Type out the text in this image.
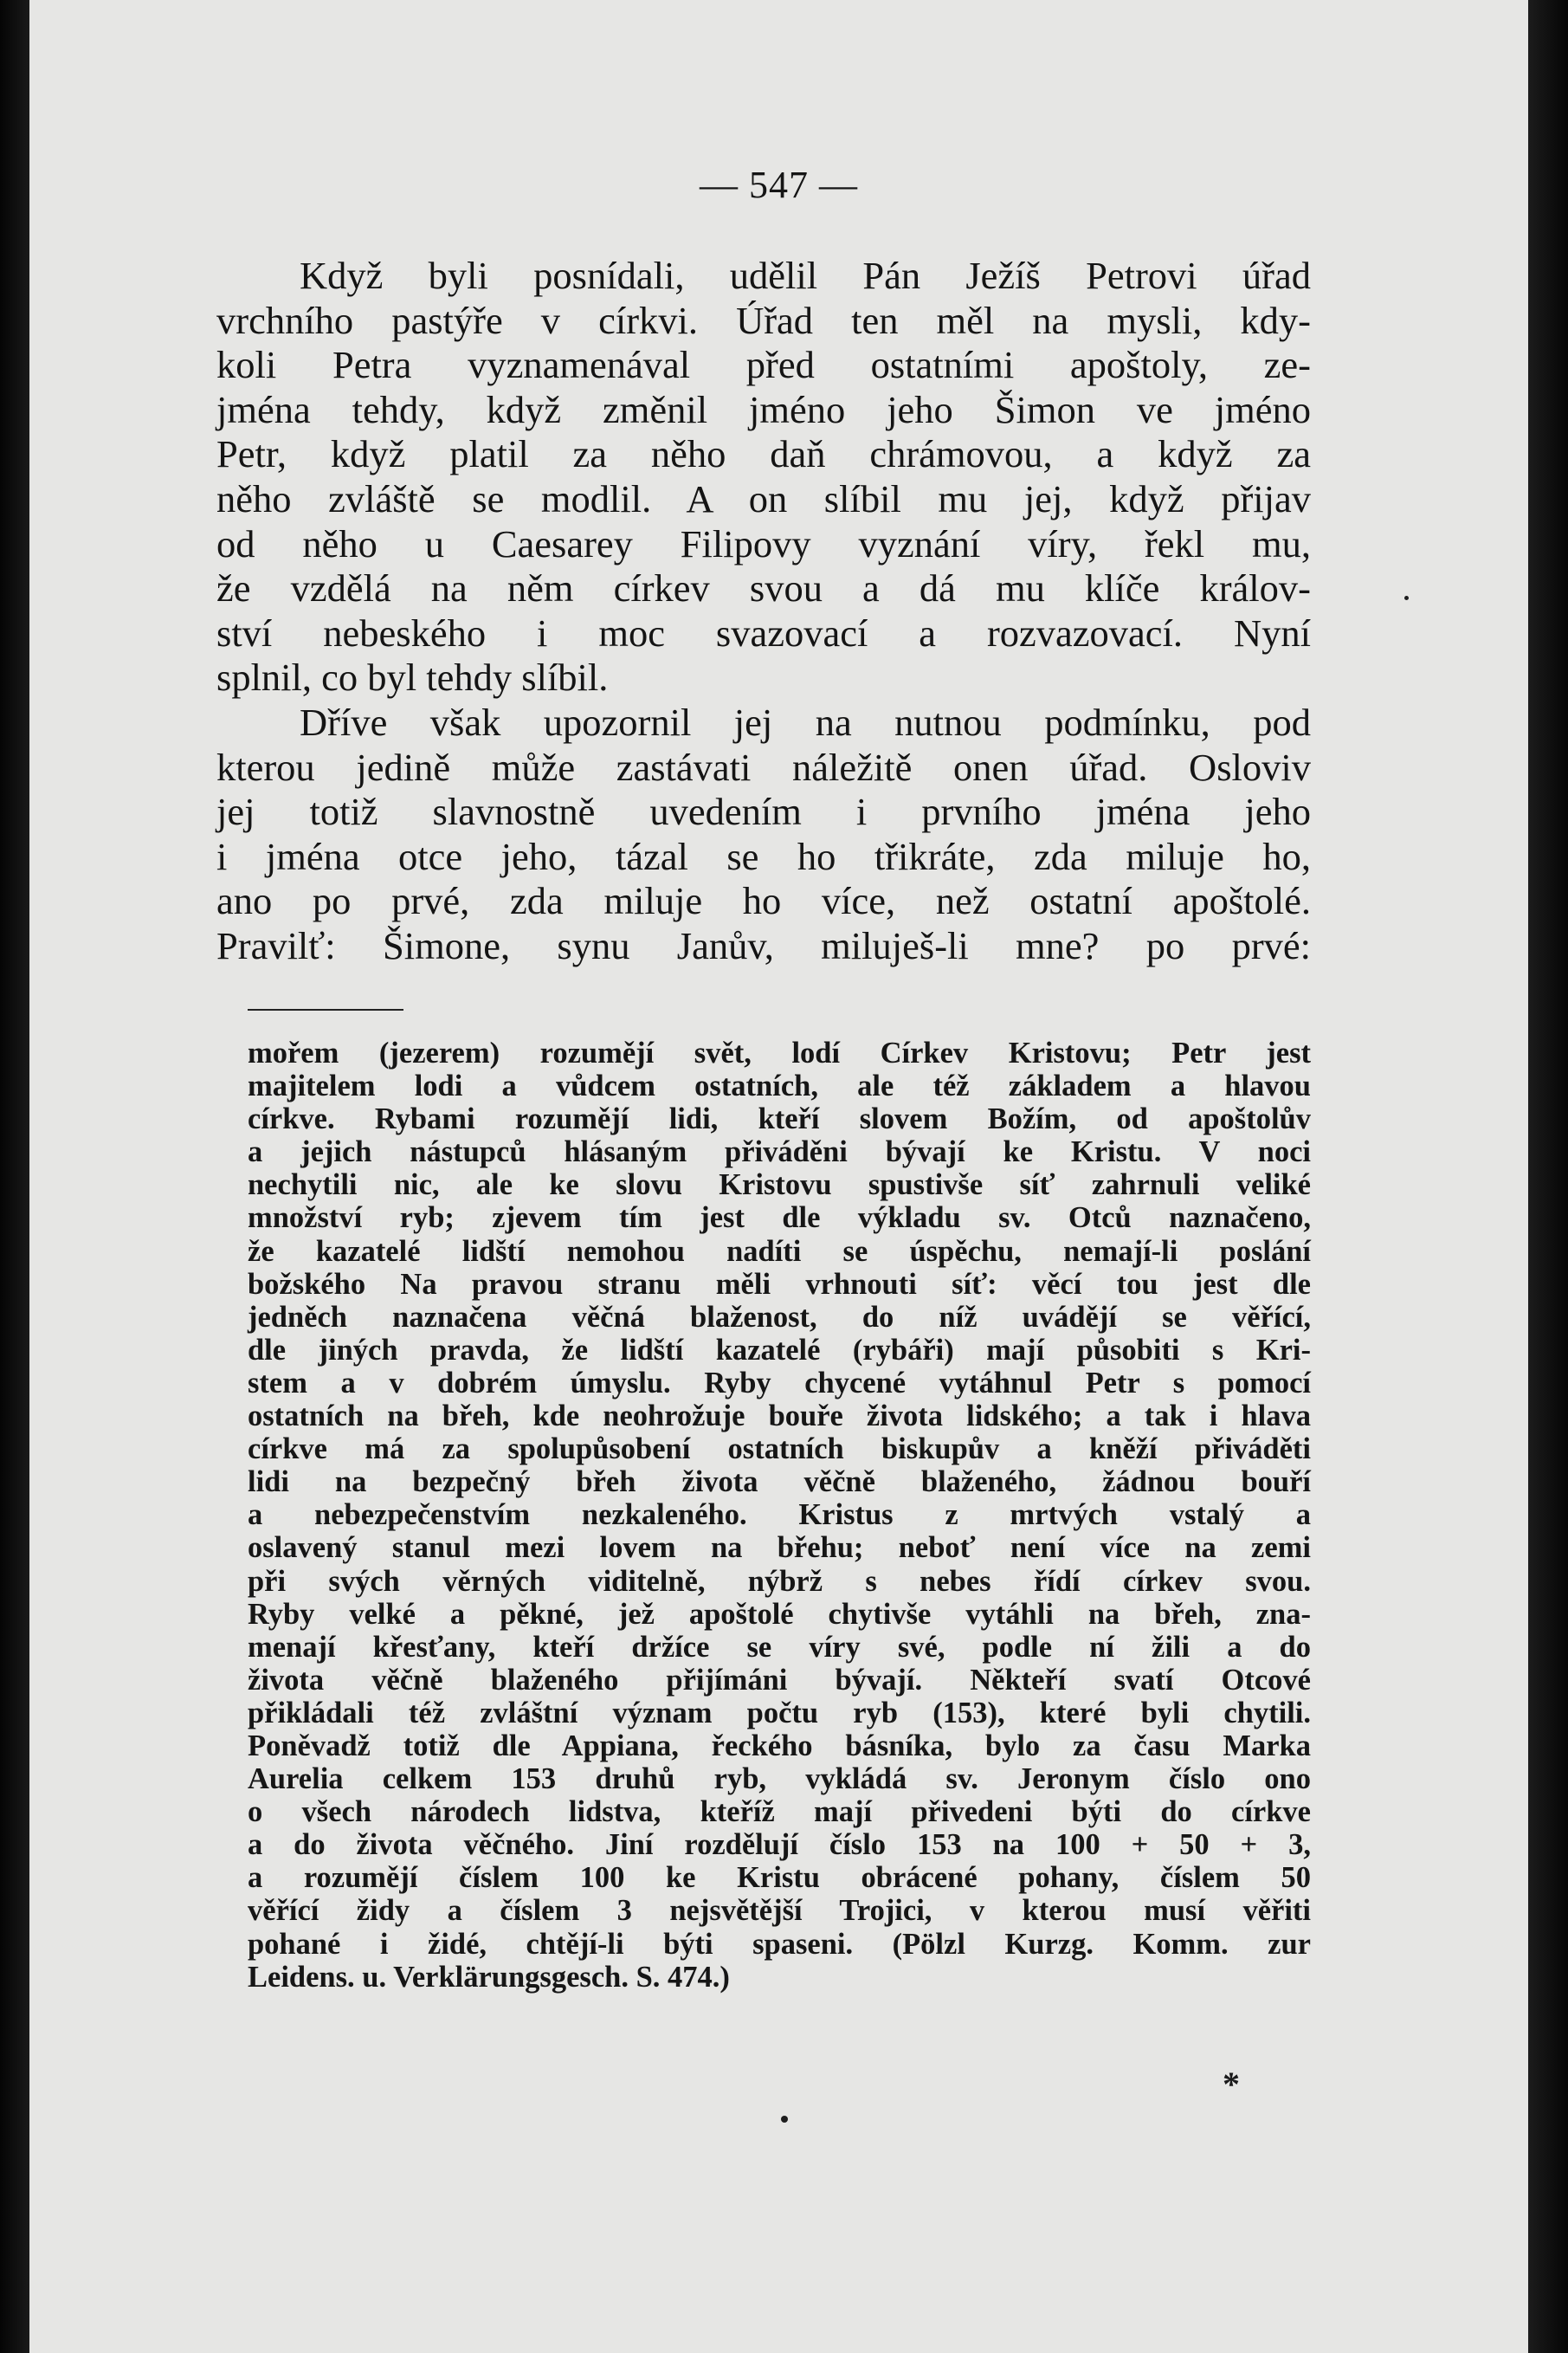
— 547 —
Když byli posnídali, udělil Pán Ježíš Petrovi úřad
vrchního pastýře v církvi. Úřad ten měl na mysli, kdy-
koli Petra vyznamenával před ostatními apoštoly, ze-
jména tehdy, když změnil jméno jeho Šimon ve jméno
Petr, když platil za něho daň chrámovou, a když za
něho zvláště se modlil. A on slíbil mu jej, když přijav
od něho u Caesarey Filipovy vyznání víry, řekl mu,
že vzdělá na něm církev svou a dá mu klíče králov-
ství nebeského i moc svazovací a rozvazovací. Nyní
splnil, co byl tehdy slíbil.
Dříve však upozornil jej na nutnou podmínku, pod
kterou jedině může zastávati náležitě onen úřad. Osloviv
jej totiž slavnostně uvedením i prvního jména jeho
i jména otce jeho, tázal se ho třikráte, zda miluje ho,
ano po prvé, zda miluje ho více, než ostatní apoštolé.
Pravilť: Šimone, synu Janův, miluješ-li mne? po prvé:
mořem (jezerem) rozumějí svět, lodí Církev Kristovu; Petr jest
majitelem lodi a vůdcem ostatních, ale též základem a hlavou
církve. Rybami rozumějí lidi, kteří slovem Božím, od apoštolův
a jejich nástupců hlásaným přiváděni bývají ke Kristu. V noci
nechytili nic, ale ke slovu Kristovu spustivše síť zahrnuli veliké
množství ryb; zjevem tím jest dle výkladu sv. Otců naznačeno,
že kazatelé lidští nemohou nadíti se úspěchu, nemají-li poslání
božského Na pravou stranu měli vrhnouti síť: věcí tou jest dle
jedněch naznačena věčná blaženost, do níž uvádějí se věřící,
dle jiných pravda, že lidští kazatelé (rybáři) mají působiti s Kri-
stem a v dobrém úmyslu. Ryby chycené vytáhnul Petr s pomocí
ostatních na břeh, kde neohrožuje bouře života lidského; a tak i hlava
církve má za spolupůsobení ostatních biskupův a kněží přiváděti
lidi na bezpečný břeh života věčně blaženého, žádnou bouří
a nebezpečenstvím nezkaleného. Kristus z mrtvých vstalý a
oslavený stanul mezi lovem na břehu; neboť není více na zemi
při svých věrných viditelně, nýbrž s nebes řídí církev svou.
Ryby velké a pěkné, jež apoštolé chytivše vytáhli na břeh, zna-
menají křesťany, kteří držíce se víry své, podle ní žili a do
života věčně blaženého přijímáni bývají. Někteří svatí Otcové
přikládali též zvláštní význam počtu ryb (153), které byli chytili.
Poněvadž totiž dle Appiana, řeckého básníka, bylo za času Marka
Aurelia celkem 153 druhů ryb, vykládá sv. Jeronym číslo ono
o všech národech lidstva, kteříž mají přivedeni býti do církve
a do života věčného. Jiní rozdělují číslo 153 na 100 + 50 + 3,
a rozumějí číslem 100 ke Kristu obrácené pohany, číslem 50
věřící židy a číslem 3 nejsvětější Trojici, v kterou musí věřiti
pohané i židé, chtějí-li býti spaseni. (Pölzl Kurzg. Komm. zur
Leidens. u. Verklärungsgesch. S. 474.)
*
